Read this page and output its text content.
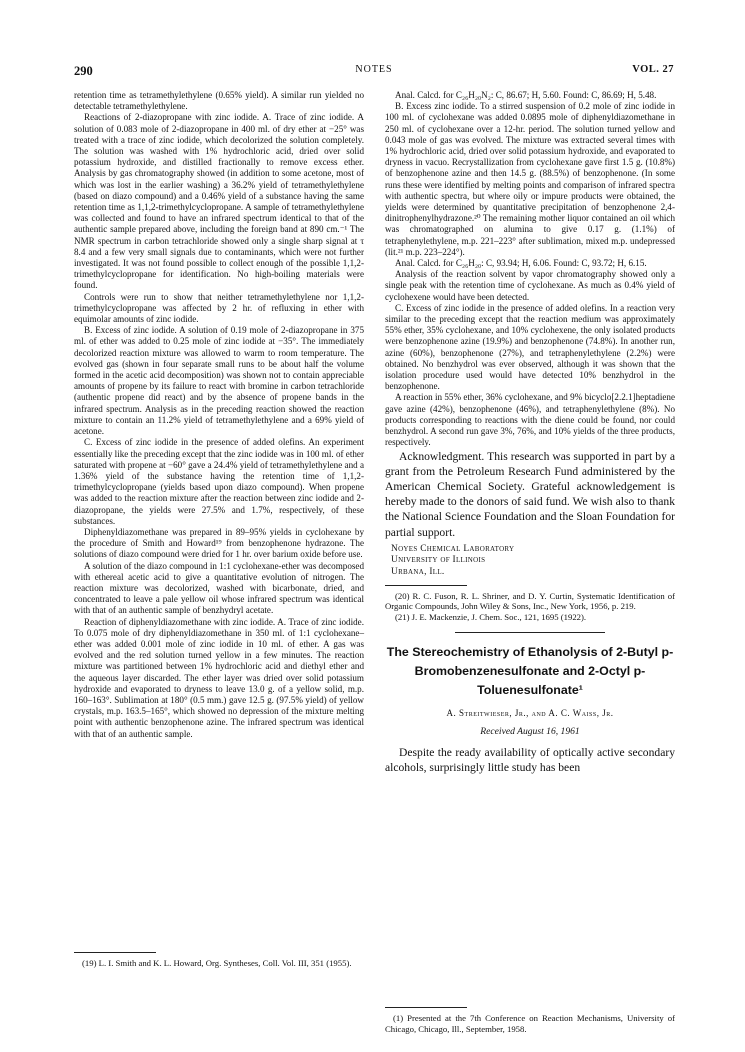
290	NOTES	VOL. 27

retention time as tetramethylethylene (0.65% yield). A similar run yielded no detectable tetramethylethylene.

Reactions of 2-diazopropane with zinc iodide. A. Trace of zinc iodide. A solution of 0.083 mole of 2-diazopropane in 400 ml. of dry ether at −25° was treated with a trace of zinc iodide, which decolorized the solution completely. The solution was washed with 1% hydrochloric acid, dried over solid potassium hydroxide, and distilled fractionally to remove excess ether. Analysis by gas chromatography showed (in addition to some acetone, most of which was lost in the earlier washing) a 36.2% yield of tetramethylethylene (based on diazo compound) and a 0.46% yield of a substance having the same retention time as 1,1,2-trimethylcyclopropane. A sample of tetramethylethylene was collected and found to have an infrared spectrum identical to that of the authentic sample prepared above, including the foreign band at 890 cm.⁻¹ The NMR spectrum in carbon tetrachloride showed only a single sharp signal at τ 8.4 and a few very small signals due to contaminants, which were not further investigated. It was not found possible to collect enough of the possible 1,1,2-trimethylcyclopropane for identification. No high-boiling materials were found.

Controls were run to show that neither tetramethylethylene nor 1,1,2-trimethylcyclopropane was affected by 2 hr. of refluxing in ether with equimolar amounts of zinc iodide.

B. Excess of zinc iodide. A solution of 0.19 mole of 2-diazopropane in 375 ml. of ether was added to 0.25 mole of zinc iodide at −35°. The immediately decolorized reaction mixture was allowed to warm to room temperature. The evolved gas (shown in four separate small runs to be about half the volume formed in the acetic acid decomposition) was shown not to contain appreciable amounts of propene by its failure to react with bromine in carbon tetrachloride (authentic propene did react) and by the absence of propene bands in the infrared spectrum. Analysis as in the preceding reaction showed the reaction mixture to contain an 11.2% yield of tetramethylethylene and a 69% yield of acetone.

C. Excess of zinc iodide in the presence of added olefins. An experiment essentially like the preceding except that the zinc iodide was in 100 ml. of ether saturated with propene at −60° gave a 24.4% yield of tetramethylethylene and a 1.36% yield of the substance having the retention time of 1,1,2-trimethylcyclopropane (yields based upon diazo compound). When propene was added to the reaction mixture after the reaction between zinc iodide and 2-diazopropane, the yields were 27.5% and 1.7%, respectively, of these substances.

Diphenyldiazomethane was prepared in 89–95% yields in cyclohexane by the procedure of Smith and Howard¹⁹ from benzophenone hydrazone. The solutions of diazo compound were dried for 1 hr. over barium oxide before use.

A solution of the diazo compound in 1:1 cyclohexane-ether was decomposed with ethereal acetic acid to give a quantitative evolution of nitrogen. The reaction mixture was decolorized, washed with bicarbonate, dried, and concentrated to leave a pale yellow oil whose infrared spectrum was identical with that of an authentic sample of benzhydryl acetate.

Reaction of diphenyldiazomethane with zinc iodide. A. Trace of zinc iodide. To 0.075 mole of dry diphenyldiazomethane in 350 ml. of 1:1 cyclohexane–ether was added 0.001 mole of zinc iodide in 10 ml. of ether. A gas was evolved and the red solution turned yellow in a few minutes. The reaction mixture was partitioned between 1% hydrochloric acid and diethyl ether and the aqueous layer discarded. The ether layer was dried over solid potassium hydroxide and evaporated to dryness to leave 13.0 g. of a yellow solid, m.p. 160–163°. Sublimation at 180° (0.5 mm.) gave 12.5 g. (97.5% yield) of yellow crystals, m.p. 163.5–165°, which showed no depression of the mixture melting point with authentic benzophenone azine. The infrared spectrum was identical with that of an authentic sample.

(19) L. I. Smith and K. L. Howard, Org. Syntheses, Coll. Vol. III, 351 (1955).

Anal. Calcd. for C₂₆H₂₀N₂: C, 86.67; H, 5.60. Found: C, 86.69; H, 5.48.

B. Excess zinc iodide. To a stirred suspension of 0.2 mole of zinc iodide in 100 ml. of cyclohexane was added 0.0895 mole of diphenyldiazomethane in 250 ml. of cyclohexane over a 12-hr. period. The solution turned yellow and 0.043 mole of gas was evolved. The mixture was extracted several times with 1% hydrochloric acid, dried over solid potassium hydroxide, and evaporated to dryness in vacuo. Recrystallization from cyclohexane gave first 1.5 g. (10.8%) of benzophenone azine and then 14.5 g. (88.5%) of benzophenone. (In some runs these were identified by melting points and comparison of infrared spectra with authentic spectra, but where oily or impure products were obtained, the yields were determined by quantitative precipitation of benzophenone 2,4-dinitrophenylhydrazone.²⁰ The remaining mother liquor contained an oil which was chromatographed on alumina to give 0.17 g. (1.1%) of tetraphenylethylene, m.p. 221–223° after sublimation, mixed m.p. undepressed (lit.²¹ m.p. 223–224°).

Anal. Calcd. for C₂₆H₂₀: C, 93.94; H, 6.06. Found: C, 93.72; H, 6.15.

Analysis of the reaction solvent by vapor chromatography showed only a single peak with the retention time of cyclohexane. As much as 0.4% yield of cyclohexene would have been detected.

C. Excess of zinc iodide in the presence of added olefins. In a reaction very similar to the preceding except that the reaction medium was approximately 55% ether, 35% cyclohexane, and 10% cyclohexene, the only isolated products were benzophenone azine (19.9%) and benzophenone (74.8%). In another run, azine (60%), benzophenone (27%), and tetraphenylethylene (2.2%) were obtained. No benzhydrol was ever observed, although it was shown that the isolation procedure used would have detected 10% benzhydrol in the benzophenone.

A reaction in 55% ether, 36% cyclohexane, and 9% bicyclo[2.2.1]heptadiene gave azine (42%), benzophenone (46%), and tetraphenylethylene (8%). No products corresponding to reactions with the diene could be found, nor could benzhydrol. A second run gave 3%, 76%, and 10% yields of the three products, respectively.

Acknowledgment. This research was supported in part by a grant from the Petroleum Research Fund administered by the American Chemical Society. Grateful acknowledgement is hereby made to the donors of said fund. We wish also to thank the National Science Foundation and the Sloan Foundation for partial support.

Noyes Chemical Laboratory
University of Illinois
Urbana, Ill.

(20) R. C. Fuson, R. L. Shriner, and D. Y. Curtin, Systematic Identification of Organic Compounds, John Wiley & Sons, Inc., New York, 1956, p. 219.

(21) J. E. Mackenzie, J. Chem. Soc., 121, 1695 (1922).

The Stereochemistry of Ethanolysis of 2-Butyl p-Bromobenzenesulfonate and 2-Octyl p-Toluenesulfonate¹
A. Streitwieser, Jr., and A. C. Waiss, Jr.
Received August 16, 1961

Despite the ready availability of optically active secondary alcohols, surprisingly little study has been

(1) Presented at the 7th Conference on Reaction Mechanisms, University of Chicago, Chicago, Ill., September, 1958.
